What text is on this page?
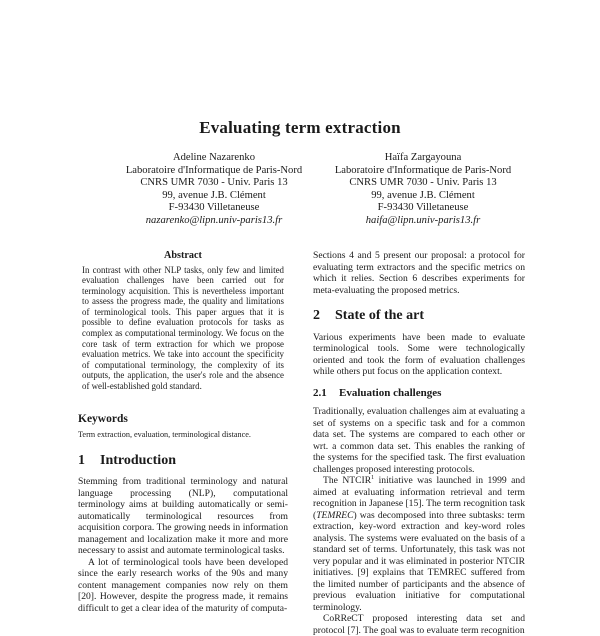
Evaluating term extraction
Adeline Nazarenko
Laboratoire d'Informatique de Paris-Nord
CNRS UMR 7030 - Univ. Paris 13
99, avenue J.B. Clément
F-93430 Villetaneuse
nazarenko@lipn.univ-paris13.fr
Haïfa Zargayouna
Laboratoire d'Informatique de Paris-Nord
CNRS UMR 7030 - Univ. Paris 13
99, avenue J.B. Clément
F-93430 Villetaneuse
haifa@lipn.univ-paris13.fr
Abstract

In contrast with other NLP tasks, only few and limited evaluation challenges have been carried out for terminology acquisition. This is nevertheless important to assess the progress made, the quality and limitations of terminological tools. This paper argues that it is possible to define evaluation protocols for tasks as complex as computational terminology. We focus on the core task of term extraction for which we propose evaluation metrics. We take into account the specificity of computational terminology, the complexity of its outputs, the application, the user's role and the absence of well-established gold standard.

Keywords

Term extraction, evaluation, terminological distance.

1 Introduction

Stemming from traditional terminology and natural language processing (NLP), computational terminology aims at building automatically or semi-automatically terminological resources from acquisition corpora. The growing needs in information management and localization make it more and more necessary to assist and automate terminological tasks.

A lot of terminological tools have been developed since the early research works of the 90s and many content management companies now rely on them [20]. However, despite the progress made, it remains difficult to get a clear idea of the maturity of computa-

Sections 4 and 5 present our proposal: a protocol for evaluating term extractors and the specific metrics on which it relies. Section 6 describes experiments for meta-evaluating the proposed metrics.

2 State of the art

Various experiments have been made to evaluate terminological tools. Some were technologically oriented and took the form of evaluation challenges while others put focus on the application context.

2.1 Evaluation challenges

Traditionally, evaluation challenges aim at evaluating a set of systems on a specific task and for a common data set. The systems are compared to each other or wrt. a common data set. This enables the ranking of the systems for the specified task. The first evaluation challenges proposed interesting protocols.

The NTCIR$^1$ initiative was launched in 1999 and aimed at evaluating information retrieval and term recognition in Japanese [15]. The term recognition task (TEMREC) was decomposed into three subtasks: term extraction, key-word extraction and key-word roles analysis. The systems were evaluated on the basis of a standard set of terms. Unfortunately, this task was not very popular and it was eliminated in posterior NTCIR initiatives. [9] explains that TEMREC suffered from the limited number of participants and the absence of previous evaluation initiative for computational terminology.

CoRReCT proposed interesting data set and protocol [7]. The goal was to evaluate term recognition
